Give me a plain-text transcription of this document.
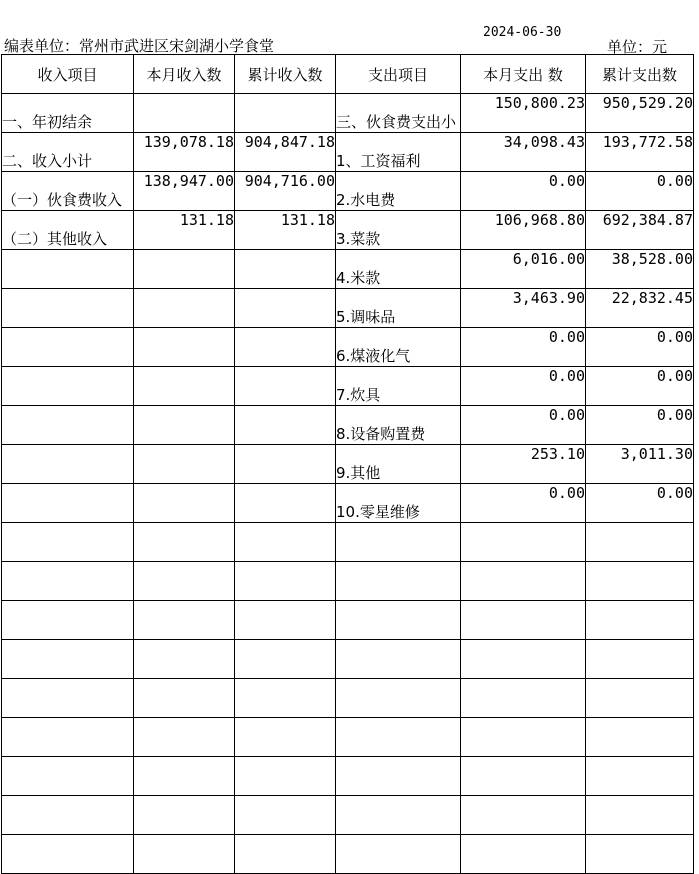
编表单位：常州市武进区宋剑湖小学食堂
2024-06-30
单位：元
收入项目	本月收入数	累计收入数	支出项目	本月支出 数	累计支出数
一、年初结余			三、伙食费支出小	150,800.23	950,529.20
二、收入小计	139,078.18	904,847.18	1、工资福利	34,098.43	193,772.58
（一）伙食费收入	138,947.00	904,716.00	2.水电费	0.00	0.00
（二）其他收入	131.18	131.18	3.菜款	106,968.80	692,384.87
			4.米款	6,016.00	38,528.00
			5.调味品	3,463.90	22,832.45
			6.煤液化气	0.00	0.00
			7.炊具	0.00	0.00
			8.设备购置费	0.00	0.00
			9.其他	253.10	3,011.30
			10.零星维修	0.00	0.00
